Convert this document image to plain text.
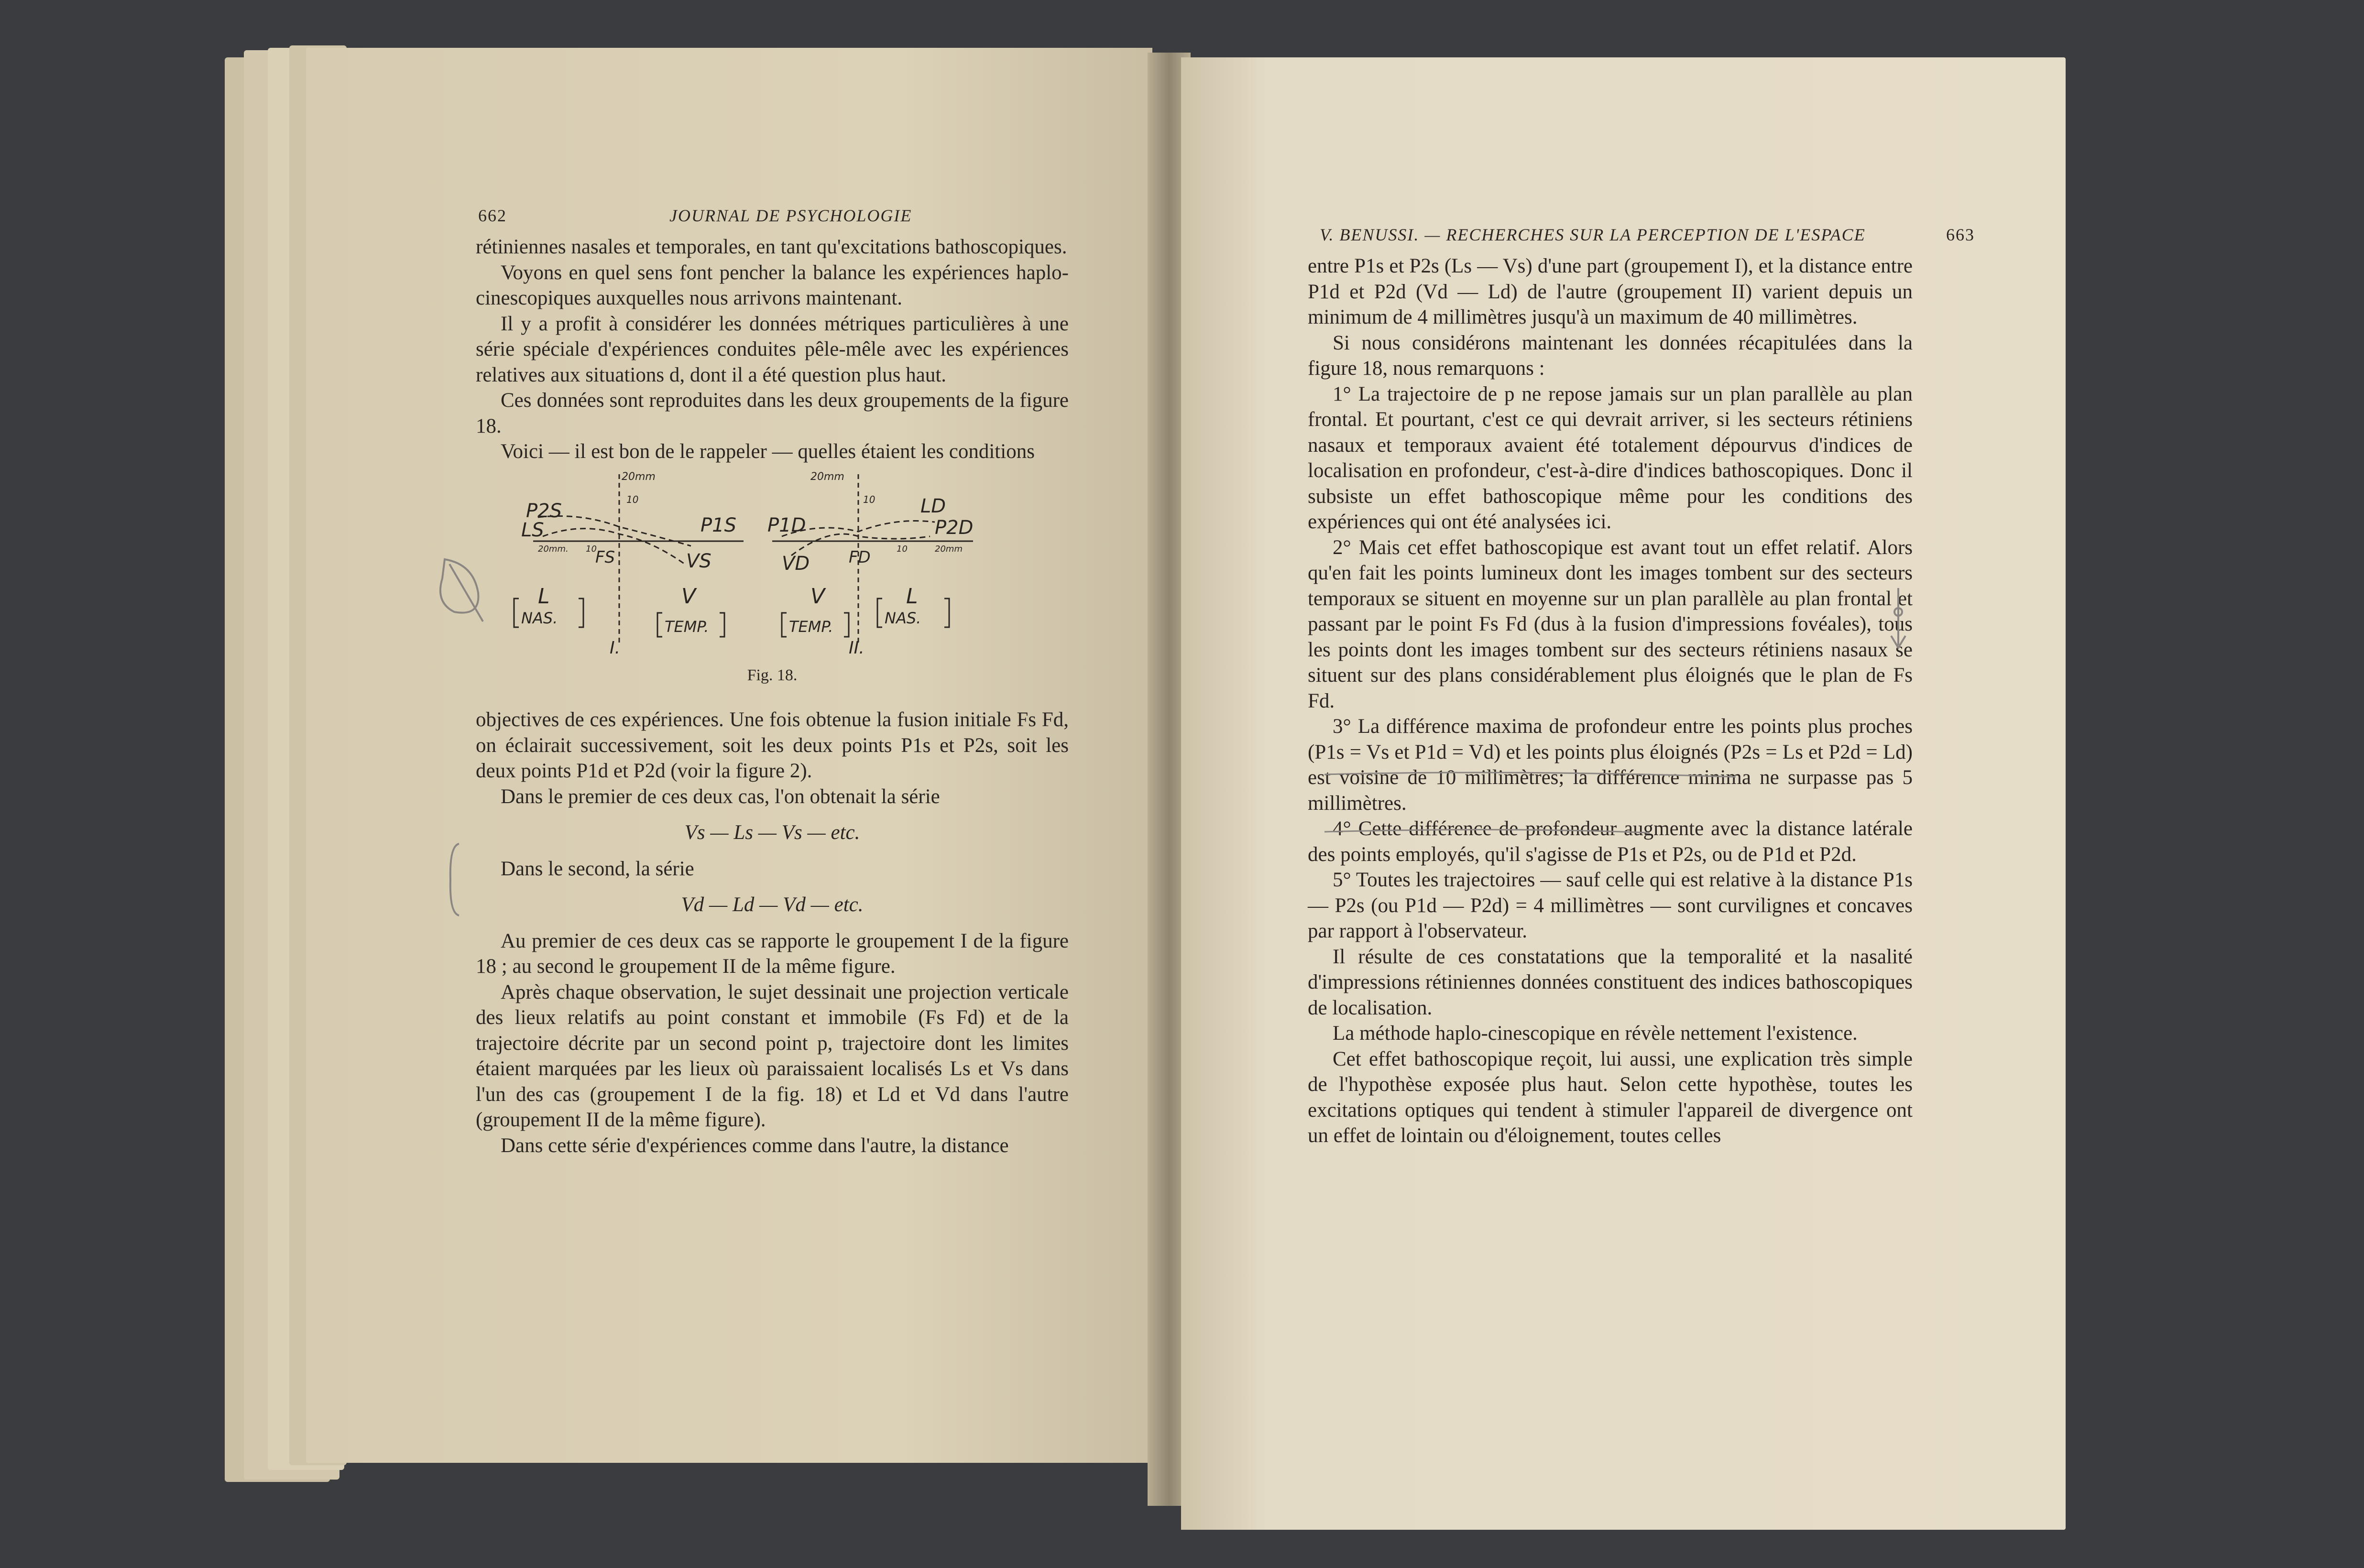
662	JOURNAL DE PSYCHOLOGIE

rétiniennes nasales et temporales, en tant qu'excitations bathoscopiques.

Voyons en quel sens font pencher la balance les expériences haplo-cinescopiques auxquelles nous arrivons maintenant.

Il y a profit à considérer les données métriques particulières à une série spéciale d'expériences conduites pêle-mêle avec les expériences relatives aux situations d, dont il a été question plus haut.

Ces données sont reproduites dans les deux groupements de la figure 18.

Voici — il est bon de le rappeler — quelles étaient les conditions

20mm	20mm
10	10
P2S
P1S
LS	P1D
LD
P2D
FS	FD
VS	VD
V	V
L	L
NAS.	TEMP.	TEMP.	NAS.
I.	II.
20mm. 10	10	20mm

Fig. 18.

objectives de ces expériences. Une fois obtenue la fusion initiale Fs Fd, on éclairait successivement, soit les deux points P1s et P2s, soit les deux points P1d et P2d (voir la figure 2).

Dans le premier de ces deux cas, l'on obtenait la série

Vs — Ls — Vs — etc.

Dans le second, la série

Vd — Ld — Vd — etc.

Au premier de ces deux cas se rapporte le groupement I de la figure 18 ; au second le groupement II de la même figure.

Après chaque observation, le sujet dessinait une projection verticale des lieux relatifs au point constant et immobile (Fs Fd) et de la trajectoire décrite par un second point p, trajectoire dont les limites étaient marquées par les lieux où paraissaient localisés Ls et Vs dans l'un des cas (groupement I de la fig. 18) et Ld et Vd dans l'autre (groupement II de la même figure).

Dans cette série d'expériences comme dans l'autre, la distance

V. BENUSSI. — RECHERCHES SUR LA PERCEPTION DE L'ESPACE	663

entre P1s et P2s (Ls — Vs) d'une part (groupement I), et la distance entre P1d et P2d (Vd — Ld) de l'autre (groupement II) varient depuis un minimum de 4 millimètres jusqu'à un maximum de 40 millimètres.

Si nous considérons maintenant les données récapitulées dans la figure 18, nous remarquons :

1° La trajectoire de p ne repose jamais sur un plan parallèle au plan frontal. Et pourtant, c'est ce qui devrait arriver, si les secteurs rétiniens nasaux et temporaux avaient été totalement dépourvus d'indices de localisation en profondeur, c'est-à-dire d'indices bathoscopiques. Donc il subsiste un effet bathoscopique même pour les conditions des expériences qui ont été analysées ici.

2° Mais cet effet bathoscopique est avant tout un effet relatif. Alors qu'en fait les points lumineux dont les images tombent sur des secteurs temporaux se situent en moyenne sur un plan parallèle au plan frontal et passant par le point Fs Fd (dus à la fusion d'impressions fovéales), tous les points dont les images tombent sur des secteurs rétiniens nasaux se situent sur des plans considérablement plus éloignés que le plan de Fs Fd.

3° La différence maxima de profondeur entre les points plus proches (P1s = Vs et P1d = Vd) et les points plus éloignés (P2s = Ls et P2d = Ld) est voisine de 10 millimètres; la différence minima ne surpasse pas 5 millimètres.

4° Cette différence de profondeur augmente avec la distance latérale des points employés, qu'il s'agisse de P1s et P2s, ou de P1d et P2d.

5° Toutes les trajectoires — sauf celle qui est relative à la distance P1s — P2s (ou P1d — P2d) = 4 millimètres — sont curvilignes et concaves par rapport à l'observateur.

Il résulte de ces constatations que la temporalité et la nasalité d'impressions rétiniennes données constituent des indices bathoscopiques de localisation.

La méthode haplo-cinescopique en révèle nettement l'existence.

Cet effet bathoscopique reçoit, lui aussi, une explication très simple de l'hypothèse exposée plus haut. Selon cette hypothèse, toutes les excitations optiques qui tendent à stimuler l'appareil de divergence ont un effet de lointain ou d'éloignement, toutes celles
